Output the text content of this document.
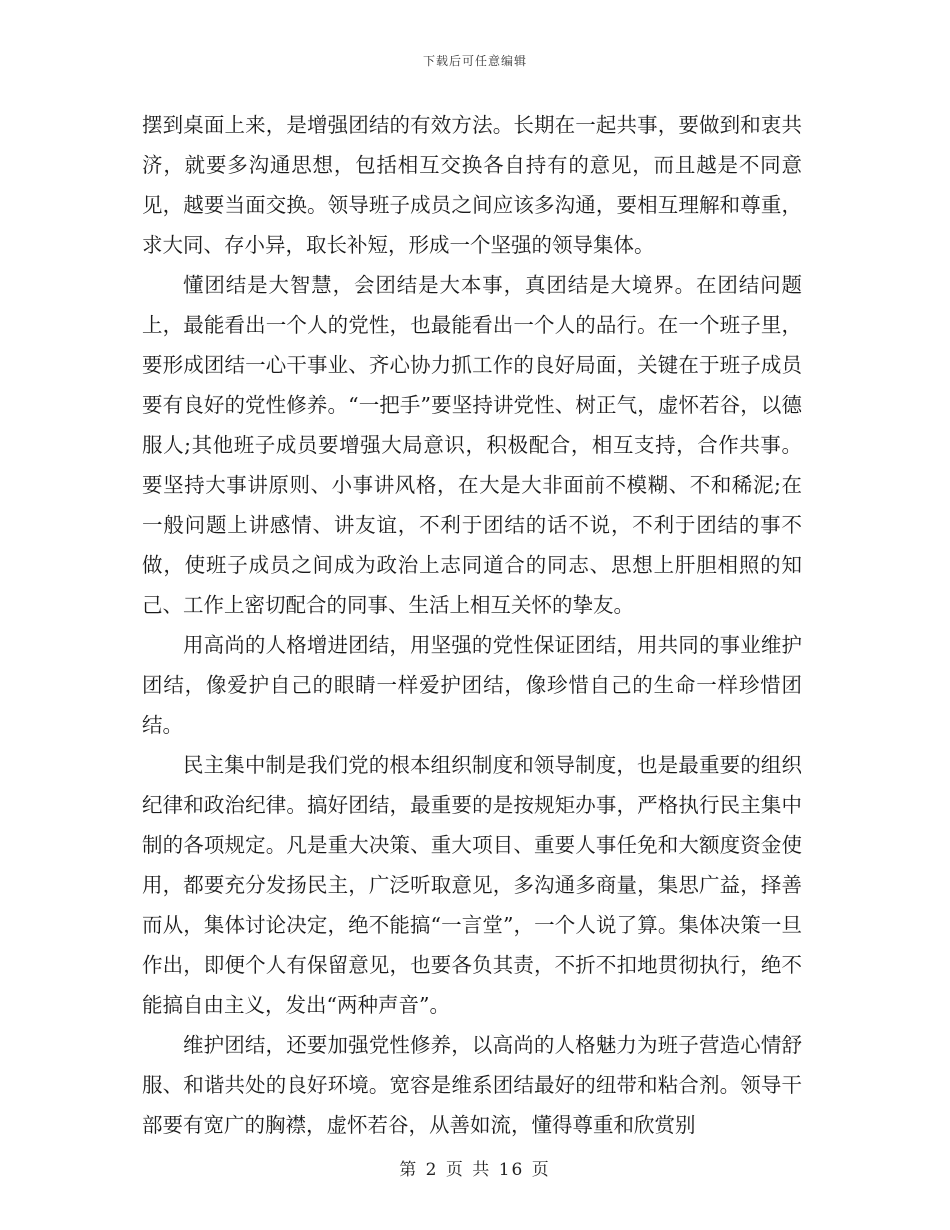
下载后可任意编辑

摆到桌面上来，是增强团结的有效方法。长期在一起共事，要做到和衷共济，就要多沟通思想，包括相互交换各自持有的意见，而且越是不同意见，越要当面交换。领导班子成员之间应该多沟通，要相互理解和尊重，求大同、存小异，取长补短，形成一个坚强的领导集体。

懂团结是大智慧，会团结是大本事，真团结是大境界。在团结问题上，最能看出一个人的党性，也最能看出一个人的品行。在一个班子里，要形成团结一心干事业、齐心协力抓工作的良好局面，关键在于班子成员要有良好的党性修养。“一把手”要坚持讲党性、树正气，虚怀若谷，以德服人;其他班子成员要增强大局意识，积极配合，相互支持，合作共事。要坚持大事讲原则、小事讲风格，在大是大非面前不模糊、不和稀泥;在一般问题上讲感情、讲友谊，不利于团结的话不说，不利于团结的事不做，使班子成员之间成为政治上志同道合的同志、思想上肝胆相照的知己、工作上密切配合的同事、生活上相互关怀的挚友。

用高尚的人格增进团结，用坚强的党性保证团结，用共同的事业维护团结，像爱护自己的眼睛一样爱护团结，像珍惜自己的生命一样珍惜团结。

民主集中制是我们党的根本组织制度和领导制度，也是最重要的组织纪律和政治纪律。搞好团结，最重要的是按规矩办事，严格执行民主集中制的各项规定。凡是重大决策、重大项目、重要人事任免和大额度资金使用，都要充分发扬民主，广泛听取意见，多沟通多商量，集思广益，择善而从，集体讨论决定，绝不能搞“一言堂”，一个人说了算。集体决策一旦作出，即便个人有保留意见，也要各负其责，不折不扣地贯彻执行，绝不能搞自由主义，发出“两种声音”。

维护团结，还要加强党性修养，以高尚的人格魅力为班子营造心情舒服、和谐共处的良好环境。宽容是维系团结最好的纽带和粘合剂。领导干部要有宽广的胸襟，虚怀若谷，从善如流，懂得尊重和欣赏别

第 2 页 共 16 页
